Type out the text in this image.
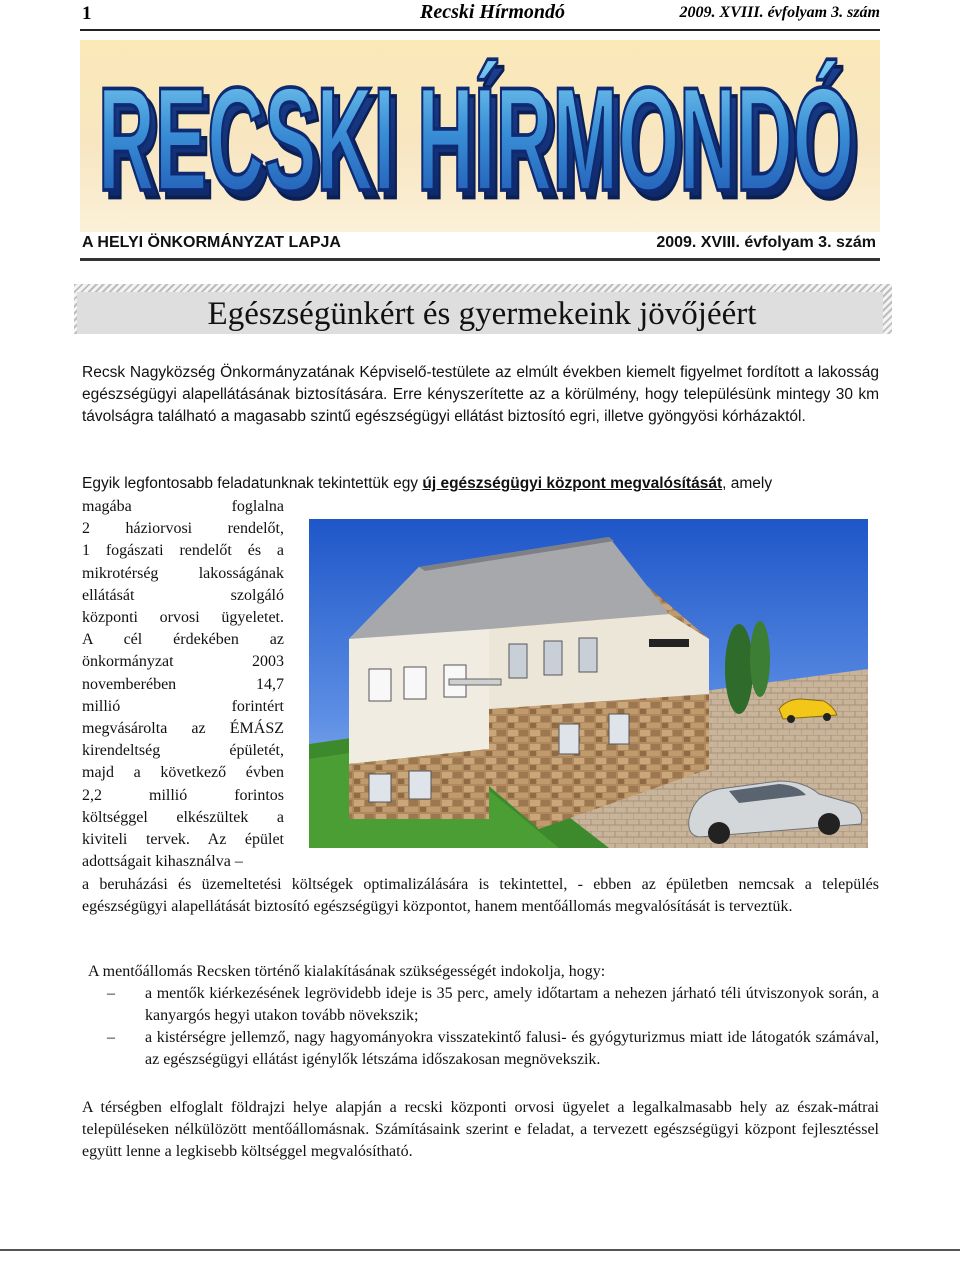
1	Recski Hírmondó	2009. XVIII. évfolyam 3. szám
RECSKI HÍRMONDÓ
RECSKI HÍRMONDÓ
A HELYI ÖNKORMÁNYZAT LAPJA	2009. XVIII. évfolyam 3. szám
Egészségünkért és gyermekeink jövőjéért

Recsk Nagyközség Önkormányzatának Képviselő-testülete az elmúlt években kiemelt figyelmet fordított a lakosság egészségügyi alapellátásának biztosítására. Erre kényszerítette az a körülmény, hogy településünk mintegy 30 km távolságra található a magasabb szintű egészségügyi ellátást biztosító egri, illetve gyöngyösi kórházaktól.

Egyik legfontosabb feladatunknak tekintettük egy új egészségügyi központ megvalósítását, amely

magába foglalna
2 háziorvosi rendelőt,
1 fogászati rendelőt és a
mikrotérség lakosságának
ellátását szolgáló
központi orvosi ügyeletet.
A cél érdekében az
önkormányzat 2003
novemberében 14,7
millió forintért
megvásárolta az ÉMÁSZ
kirendeltség épületét,
majd a következő évben
2,2 millió forintos
költséggel elkészültek a
kiviteli tervek. Az épület
adottságait kihasználva –

a beruházási és üzemeltetési költségek optimalizálására is tekintettel, - ebben az épületben nemcsak a település egészségügyi alapellátását biztosító egészségügyi központot, hanem mentőállomás megvalósítását is terveztük.

A mentőállomás Recsken történő kialakításának szükségességét indokolja, hogy:

– a mentők kiérkezésének legrövidebb ideje is 35 perc, amely időtartam a nehezen járható téli útviszonyok során, a kanyargós hegyi utakon tovább növekszik;
– a kistérségre jellemző, nagy hagyományokra visszatekintő falusi- és gyógyturizmus miatt ide látogatók számával, az egészségügyi ellátást igénylők létszáma időszakosan megnövekszik.

A térségben elfoglalt földrajzi helye alapján a recski központi orvosi ügyelet a legalkalmasabb hely az észak-mátrai településeken nélkülözött mentőállomásnak. Számításaink szerint e feladat, a tervezett egészségügyi központ fejlesztéssel együtt lenne a legkisebb költséggel megvalósítható.
